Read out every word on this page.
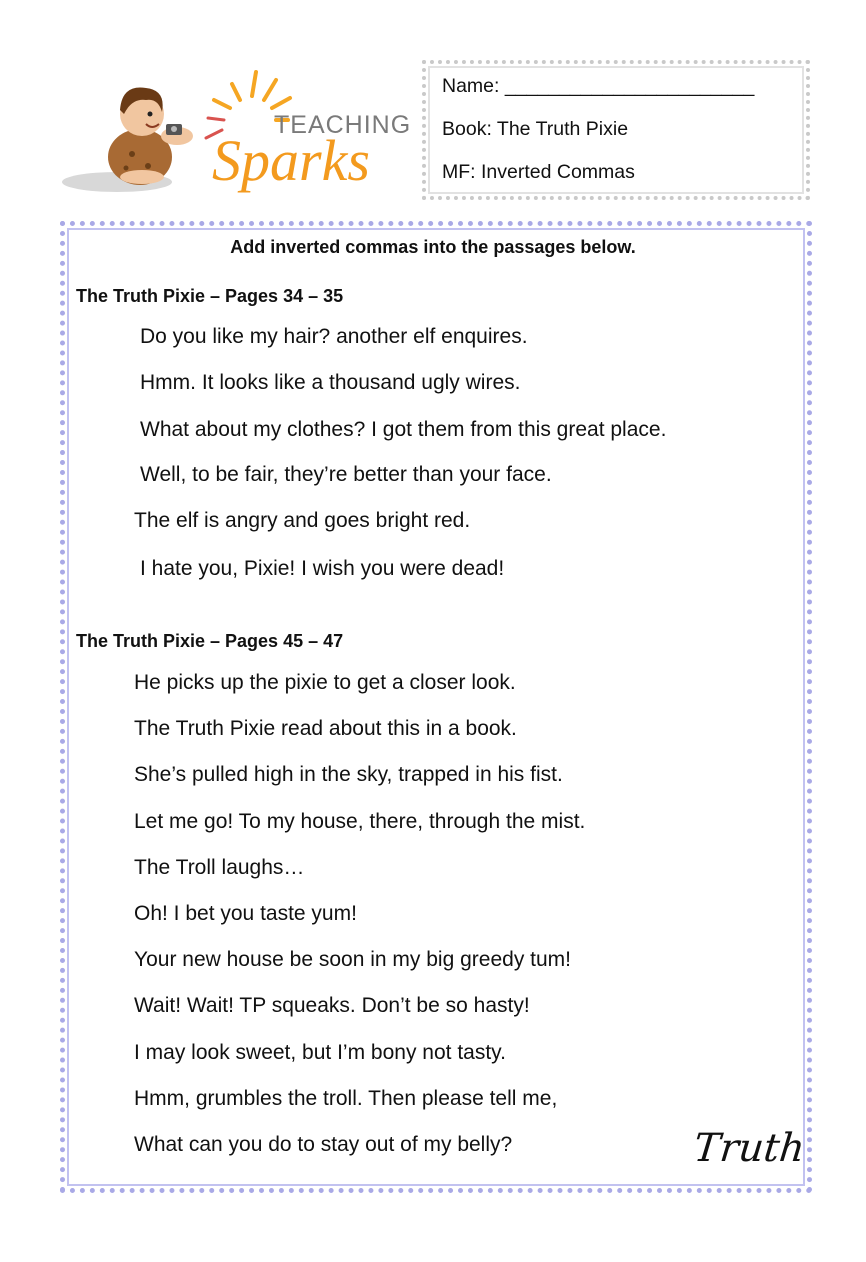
TEACHING
Sparks
Name: _______________________
Book: The Truth Pixie
MF: Inverted Commas
Add inverted commas into the passages below.
The Truth Pixie – Pages 34 – 35
Do you like my hair? another elf enquires.
Hmm. It looks like a thousand ugly wires.
What about my clothes? I got them from this great place.
Well, to be fair, they’re better than your face.
The elf is angry and goes bright red.
I hate you, Pixie! I wish you were dead!
The Truth Pixie – Pages 45 – 47
He picks up the pixie to get a closer look.
The Truth Pixie read about this in a book.
She’s pulled high in the sky, trapped in his fist.
Let me go! To my house, there, through the mist.
The Troll laughs…
Oh! I bet you taste yum!
Your new house be soon in my big greedy tum!
Wait! Wait! TP squeaks. Don’t be so hasty!
I may look sweet, but I’m bony not tasty.
Hmm, grumbles the troll. Then please tell me,
What can you do to stay out of my belly?	Truth
